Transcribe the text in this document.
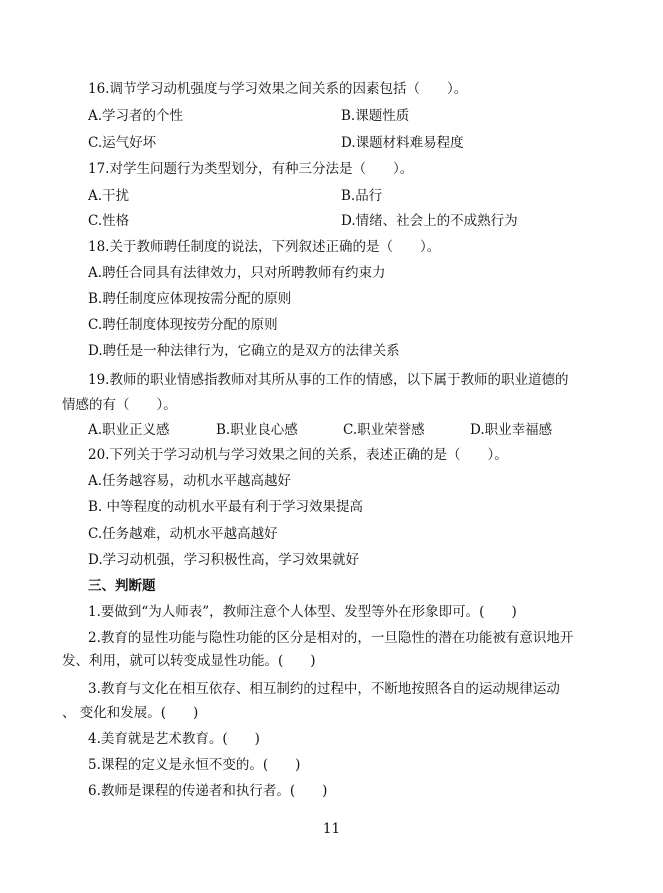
16.调节学习动机强度与学习效果之间关系的因素包括（　　）。
A.学习者的个性	B.课题性质
C.运气好坏	D.课题材料难易程度
17.对学生问题行为类型划分，有种三分法是（　　）。
A.干扰	B.品行
C.性格	D.情绪、社会上的不成熟行为
18.关于教师聘任制度的说法，下列叙述正确的是（　　）。
A.聘任合同具有法律效力，只对所聘教师有约束力
B.聘任制度应体现按需分配的原则
C.聘任制度体现按劳分配的原则
D.聘任是一种法律行为，它确立的是双方的法律关系
19.教师的职业情感指教师对其所从事的工作的情感，以下属于教师的职业道德的
情感的有（　　）。
A.职业正义感	B.职业良心感	C.职业荣誉感	D.职业幸福感
20.下列关于学习动机与学习效果之间的关系，表述正确的是（　　）。
A.任务越容易，动机水平越高越好
B. 中等程度的动机水平最有利于学习效果提高
C.任务越难，动机水平越高越好
D.学习动机强，学习积极性高，学习效果就好
三、判断题
1.要做到“为人师表”，教师注意个人体型、发型等外在形象即可。(　　)
2.教育的显性功能与隐性功能的区分是相对的，一旦隐性的潜在功能被有意识地开
发、利用，就可以转变成显性功能。(　　)
3.教育与文化在相互依存、相互制约的过程中，不断地按照各自的运动规律运动
、 变化和发展。(　　)
4.美育就是艺术教育。(　　)
5.课程的定义是永恒不变的。(　　)
6.教师是课程的传递者和执行者。(　　)
11
